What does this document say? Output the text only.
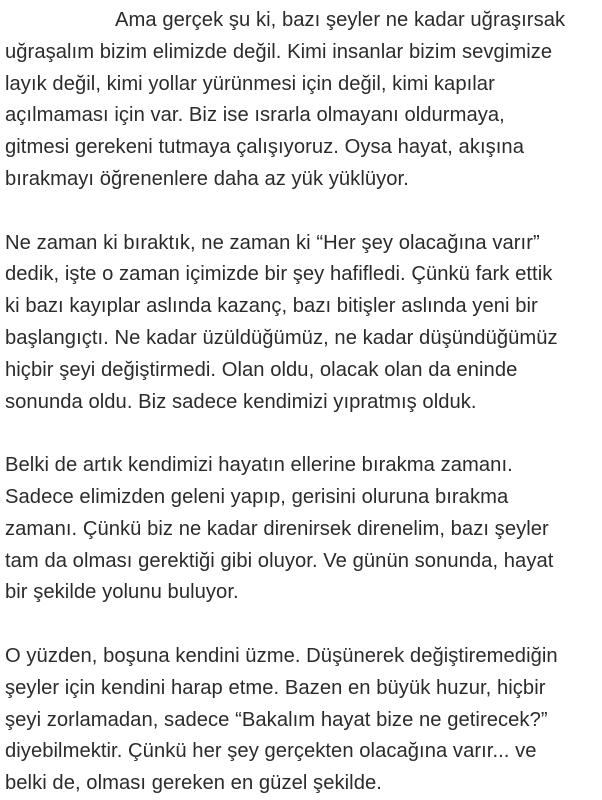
Ama gerçek şu ki, bazı şeyler ne kadar uğraşırsak
uğraşalım bizim elimizde değil. Kimi insanlar bizim sevgimize
layık değil, kimi yollar yürünmesi için değil, kimi kapılar
açılmaması için var. Biz ise ısrarla olmayanı oldurmaya,
gitmesi gerekeni tutmaya çalışıyoruz. Oysa hayat, akışına
bırakmayı öğrenenlere daha az yük yüklüyor.

Ne zaman ki bıraktık, ne zaman ki “Her şey olacağına varır”
dedik, işte o zaman içimizde bir şey hafifledi. Çünkü fark ettik
ki bazı kayıplar aslında kazanç, bazı bitişler aslında yeni bir
başlangıçtı. Ne kadar üzüldüğümüz, ne kadar düşündüğümüz
hiçbir şeyi değiştirmedi. Olan oldu, olacak olan da eninde
sonunda oldu. Biz sadece kendimizi yıpratmış olduk.

Belki de artık kendimizi hayatın ellerine bırakma zamanı.
Sadece elimizden geleni yapıp, gerisini oluruna bırakma
zamanı. Çünkü biz ne kadar direnirsek direnelim, bazı şeyler
tam da olması gerektiği gibi oluyor. Ve günün sonunda, hayat
bir şekilde yolunu buluyor.

O yüzden, boşuna kendini üzme. Düşünerek değiştiremediğin
şeyler için kendini harap etme. Bazen en büyük huzur, hiçbir
şeyi zorlamadan, sadece “Bakalım hayat bize ne getirecek?”
diyebilmektir. Çünkü her şey gerçekten olacağına varır... ve
belki de, olması gereken en güzel şekilde.
